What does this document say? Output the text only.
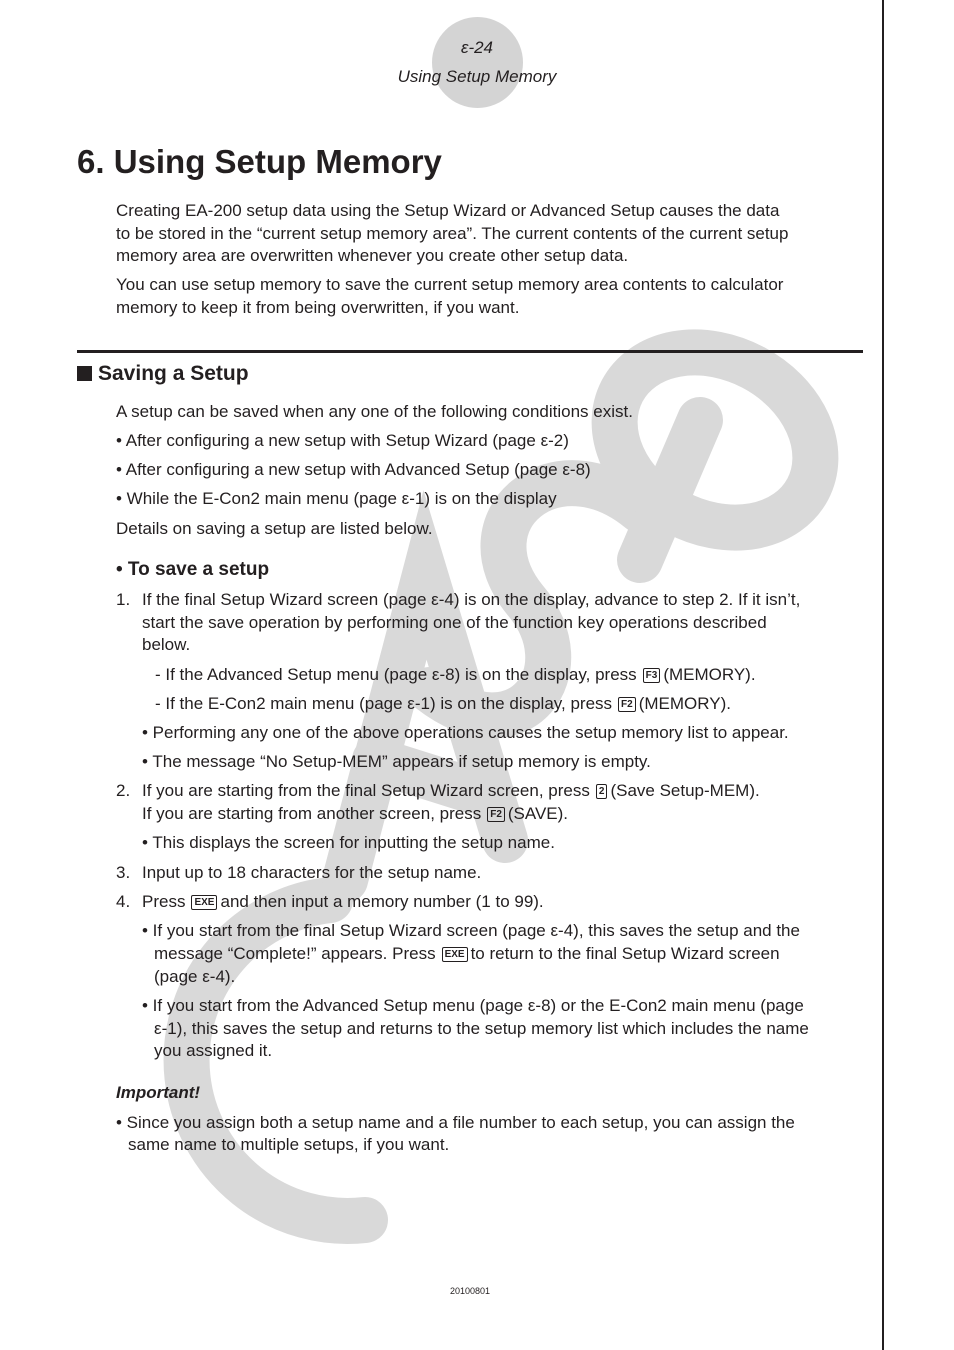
ε-24
Using Setup Memory
6. Using Setup Memory
Creating EA-200 setup data using the Setup Wizard or Advanced Setup causes the data
to be stored in the “current setup memory area”. The current contents of the current setup
memory area are overwritten whenever you create other setup data.
You can use setup memory to save the current setup memory area contents to calculator
memory to keep it from being overwritten, if you want.
Saving a Setup
A setup can be saved when any one of the following conditions exist.
• After configuring a new setup with Setup Wizard (page ε-2)
• After configuring a new setup with Advanced Setup (page ε-8)
• While the E-Con2 main menu (page ε-1) is on the display
Details on saving a setup are listed below.
• To save a setup
1. If the final Setup Wizard screen (page ε-4) is on the display, advance to step 2. If it isn’t,
start the save operation by performing one of the function key operations described
below.
- If the Advanced Setup menu (page ε-8) is on the display, press F3 (MEMORY).
- If the E-Con2 main menu (page ε-1) is on the display, press F2 (MEMORY).
• Performing any one of the above operations causes the setup memory list to appear.
• The message “No Setup-MEM” appears if setup memory is empty.
2. If you are starting from the final Setup Wizard screen, press 2 (Save Setup-MEM).
If you are starting from another screen, press F2 (SAVE).
• This displays the screen for inputting the setup name.
3. Input up to 18 characters for the setup name.
4. Press EXE and then input a memory number (1 to 99).
• If you start from the final Setup Wizard screen (page ε-4), this saves the setup and the
message “Complete!” appears. Press EXE to return to the final Setup Wizard screen
(page ε-4).
• If you start from the Advanced Setup menu (page ε-8) or the E-Con2 main menu (page
ε-1), this saves the setup and returns to the setup memory list which includes the name
you assigned it.
Important!
• Since you assign both a setup name and a file number to each setup, you can assign the
same name to multiple setups, if you want.
20100801
